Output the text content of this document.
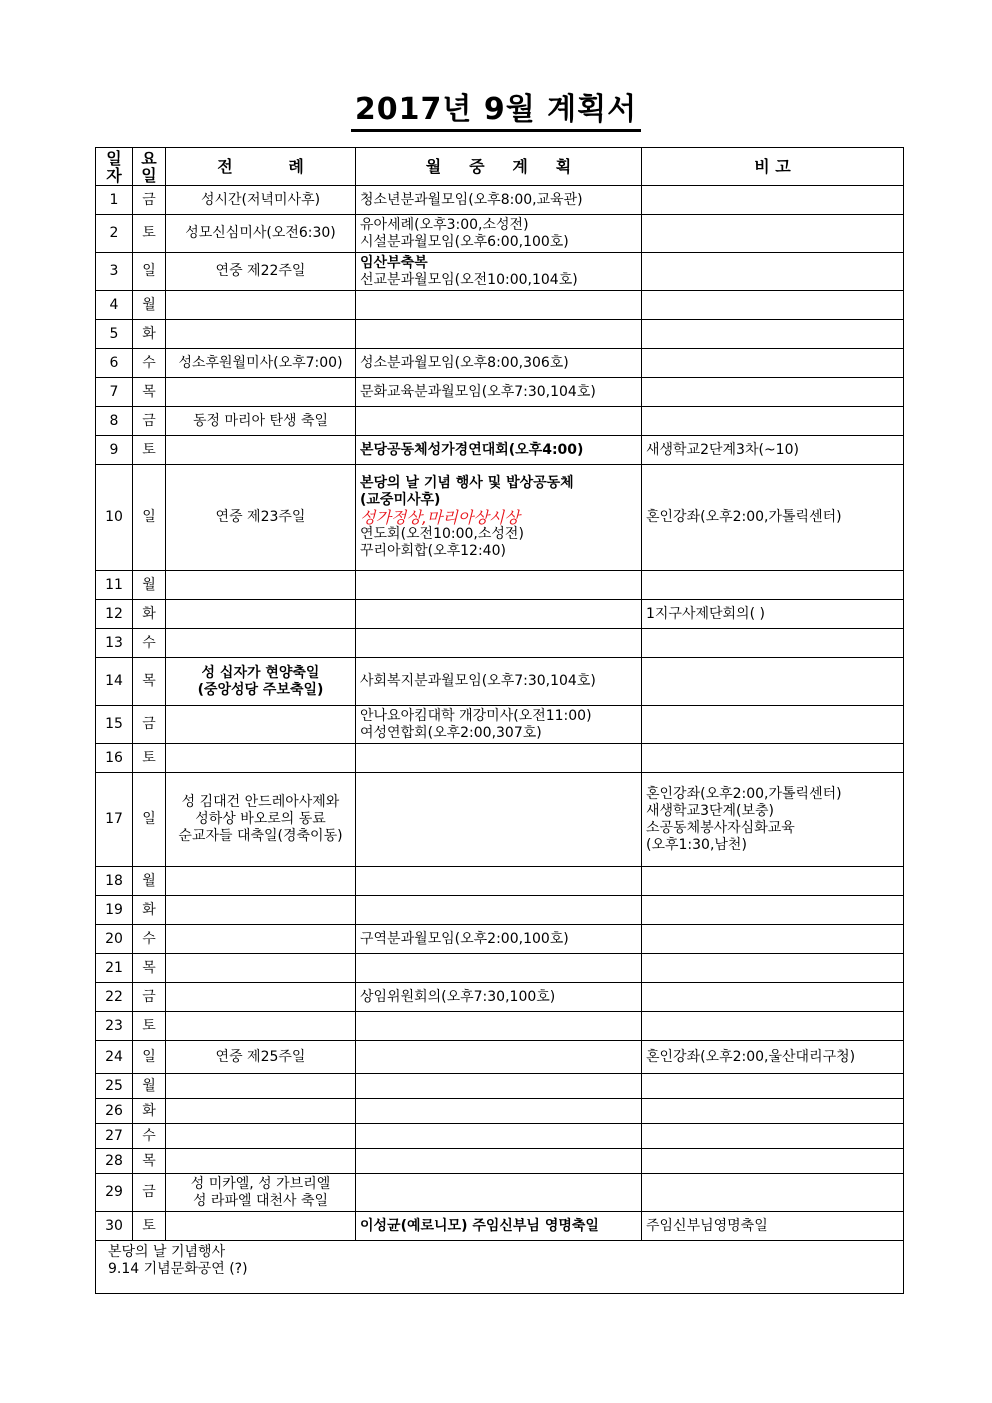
2017년 9월 계획서
일자	요일	전          례	월     중     계     획	비 고
1	금	성시간(저녁미사후)	청소년분과월모임(오후8:00,교육관)	

2	토	성모신심미사(오전6:30)	유아세례(오후3:00,소성전)
시설분과월모임(오후6:00,100호)	

3	일	연중 제22주일	임산부축복
선교분과월모임(오전10:00,104호)	

4	월			
5	화			
6	수	성소후원월미사(오후7:00)	성소분과월모임(오후8:00,306호)	

7	목		문화교육분과월모임(오후7:30,104호)	

8	금	동정 마리아 탄생 축일		

9	토		본당공동체성가경연대회(오후4:00)	새생학교2단계3차(~10)

10	일	연중 제23주일	본당의 날 기념 행사 및 밥상공동체
(교중미사후)
성가정상,마리아상시상
연도회(오전10:00,소성전)
꾸리아회합(오후12:40)	혼인강좌(오후2:00,가톨릭센터)

11	월			
12	화			1지구사제단회의( )

13	수			
14	목	성 십자가 현양축일
(중앙성당 주보축일)	사회복지분과월모임(오후7:30,104호)	

15	금		안나요아킴대학 개강미사(오전11:00)
여성연합회(오후2:00,307호)	

16	토			
17	일	성 김대건 안드레아사제와
성하상 바오로의 동료
순교자들 대축일(경축이동)		혼인강좌(오후2:00,가톨릭센터)
새생학교3단계(보충)
소공동체봉사자심화교육
(오후1:30,남천)

18	월			
19	화			
20	수		구역분과월모임(오후2:00,100호)	

21	목			
22	금		상임위원회의(오후7:30,100호)	

23	토			
24	일	연중 제25주일		혼인강좌(오후2:00,울산대리구청)

25	월			
26	화			
27	수			
28	목			
29	금	성 미카엘, 성 가브리엘
성 라파엘 대천사 축일		

30	토		이성균(예로니모) 주임신부님 영명축일	주임신부님영명축일

본당의 날 기념행사
9.14 기념문화공연 (?)				
